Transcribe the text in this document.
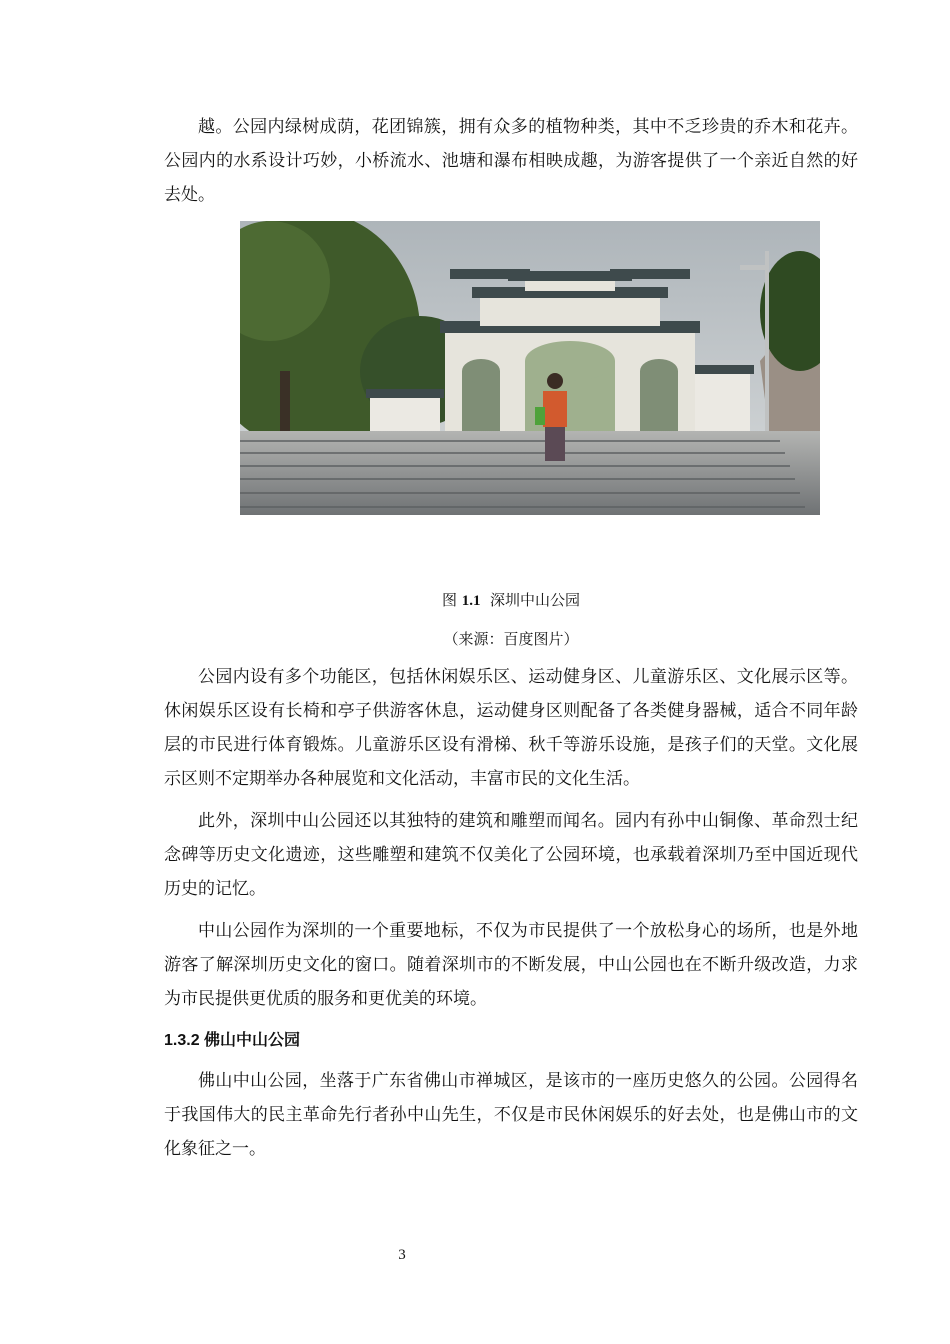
越。公园内绿树成荫，花团锦簇，拥有众多的植物种类，其中不乏珍贵的乔木和花卉。公园内的水系设计巧妙，小桥流水、池塘和瀑布相映成趣，为游客提供了一个亲近自然的好去处。
图 1.1 深圳中山公园
（来源：百度图片）

公园内设有多个功能区，包括休闲娱乐区、运动健身区、儿童游乐区、文化展示区等。休闲娱乐区设有长椅和亭子供游客休息，运动健身区则配备了各类健身器械，适合不同年龄层的市民进行体育锻炼。儿童游乐区设有滑梯、秋千等游乐设施，是孩子们的天堂。文化展示区则不定期举办各种展览和文化活动，丰富市民的文化生活。

此外，深圳中山公园还以其独特的建筑和雕塑而闻名。园内有孙中山铜像、革命烈士纪念碑等历史文化遗迹，这些雕塑和建筑不仅美化了公园环境，也承载着深圳乃至中国近现代历史的记忆。

中山公园作为深圳的一个重要地标，不仅为市民提供了一个放松身心的场所，也是外地游客了解深圳历史文化的窗口。随着深圳市的不断发展，中山公园也在不断升级改造，力求为市民提供更优质的服务和更优美的环境。

1.3.2 佛山中山公园

佛山中山公园，坐落于广东省佛山市禅城区，是该市的一座历史悠久的公园。公园得名于我国伟大的民主革命先行者孙中山先生，不仅是市民休闲娱乐的好去处，也是佛山市的文化象征之一。

3
